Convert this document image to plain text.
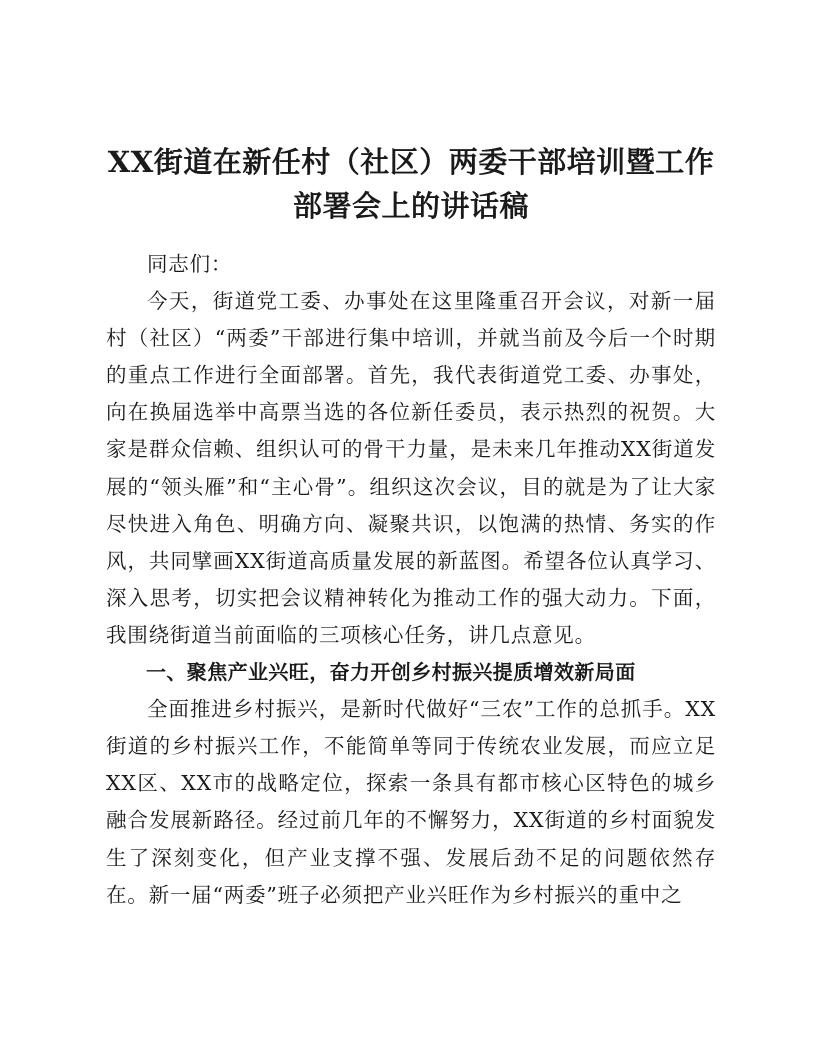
XX街道在新任村（社区）两委干部培训暨工作
部署会上的讲话稿

同志们：

今天，街道党工委、办事处在这里隆重召开会议，对新一届村（社区）“两委”干部进行集中培训，并就当前及今后一个时期的重点工作进行全面部署。首先，我代表街道党工委、办事处，向在换届选举中高票当选的各位新任委员，表示热烈的祝贺。大家是群众信赖、组织认可的骨干力量，是未来几年推动XX街道发展的“领头雁”和“主心骨”。组织这次会议，目的就是为了让大家尽快进入角色、明确方向、凝聚共识，以饱满的热情、务实的作风，共同擘画XX街道高质量发展的新蓝图。希望各位认真学习、深入思考，切实把会议精神转化为推动工作的强大动力。下面，我围绕街道当前面临的三项核心任务，讲几点意见。

一、聚焦产业兴旺，奋力开创乡村振兴提质增效新局面

全面推进乡村振兴，是新时代做好“三农”工作的总抓手。XX街道的乡村振兴工作，不能简单等同于传统农业发展，而应立足XX区、XX市的战略定位，探索一条具有都市核心区特色的城乡融合发展新路径。经过前几年的不懈努力，XX街道的乡村面貌发生了深刻变化，但产业支撑不强、发展后劲不足的问题依然存在。新一届“两委”班子必须把产业兴旺作为乡村振兴的重中之
